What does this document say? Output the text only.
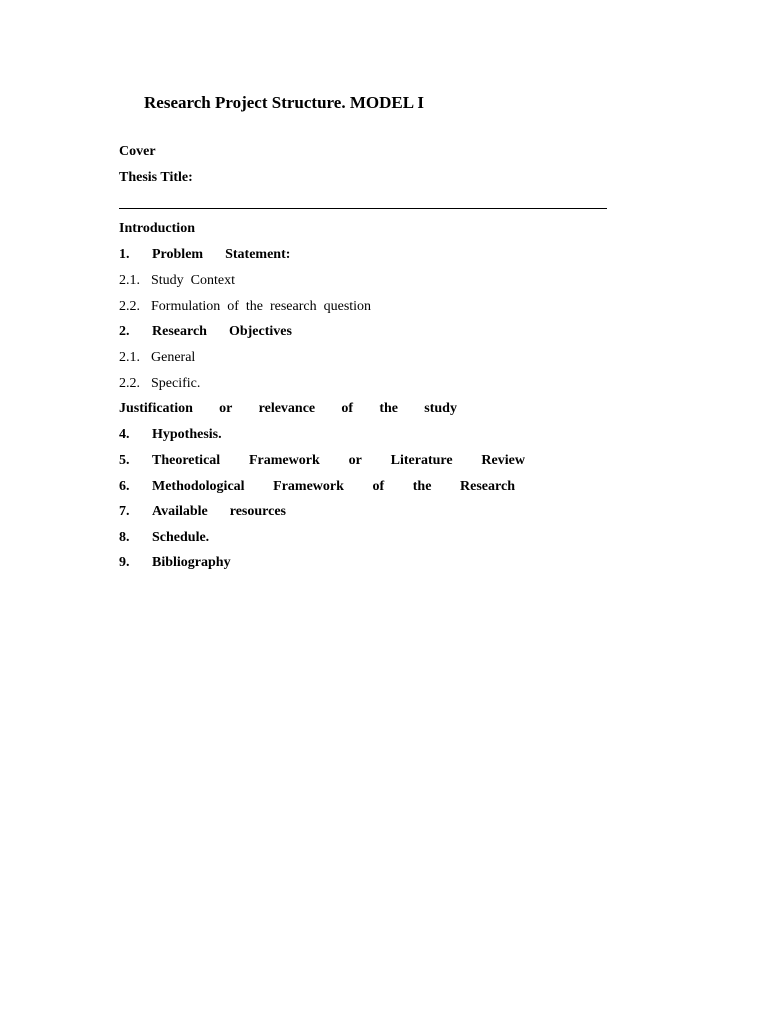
Research Project Structure. MODEL I
Cover
Thesis Title:
Introduction
1. Problem Statement:
2.1. Study  Context
2.2. Formulation  of  the  research  question
2. Research Objectives
2.1. General
2.2. Specific.
Justification or relevance of the study
4. Hypothesis.
5. Theoretical Framework or Literature Review
6. Methodological Framework of the Research
7. Available resources
8. Schedule.
9. Bibliography
